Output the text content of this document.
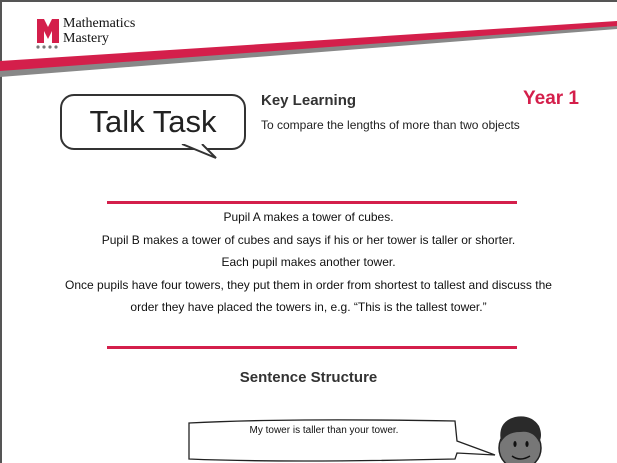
Mathematics
Mastery
Talk Task
Key Learning
To compare the lengths of more than two objects
Year 1
Pupil A makes a tower of cubes.
Pupil B makes a tower of cubes and says if his or her tower is taller or shorter.
Each pupil makes another tower.
Once pupils have four towers, they put them in order from shortest to tallest and discuss the
order they have placed the towers in, e.g. “This is the tallest tower.”
Sentence Structure
My tower is taller than your tower.
